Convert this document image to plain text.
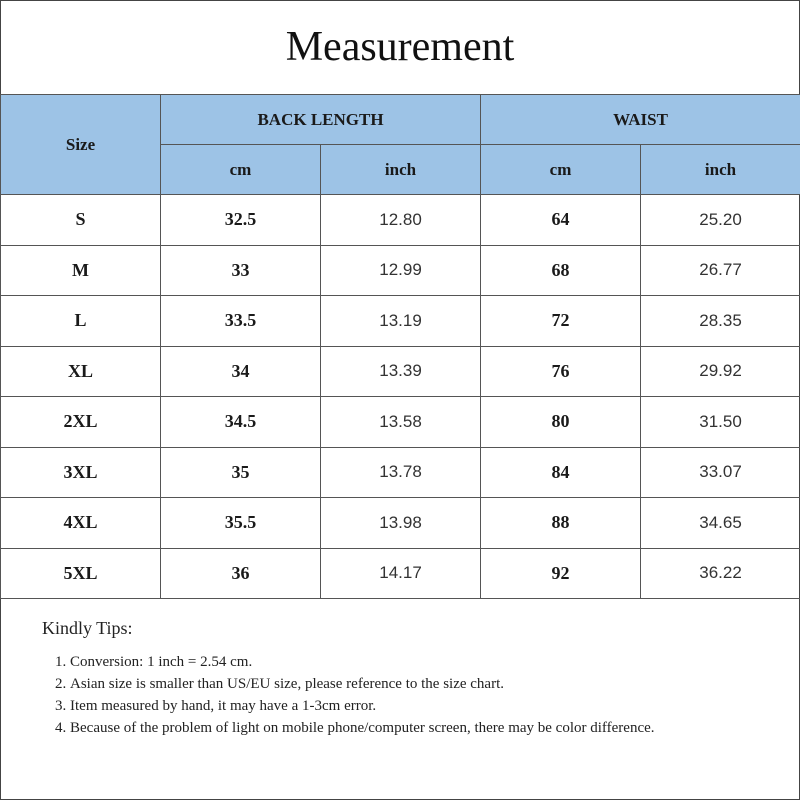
Measurement
Size	BACK LENGTH		WAIST	
	cm	inch	cm	inch
S	32.5	12.80	64	25.20
M	33	12.99	68	26.77
L	33.5	13.19	72	28.35
XL	34	13.39	76	29.92
2XL	34.5	13.58	80	31.50
3XL	35	13.78	84	33.07
4XL	35.5	13.98	88	34.65
5XL	36	14.17	92	36.22
Kindly Tips:
1. Conversion: 1 inch = 2.54 cm.
2. Asian size is smaller than US/EU size, please reference to the size chart.
3. Item measured by hand, it may have a 1-3cm error.
4. Because of the problem of light on mobile phone/computer screen, there may be color difference.
